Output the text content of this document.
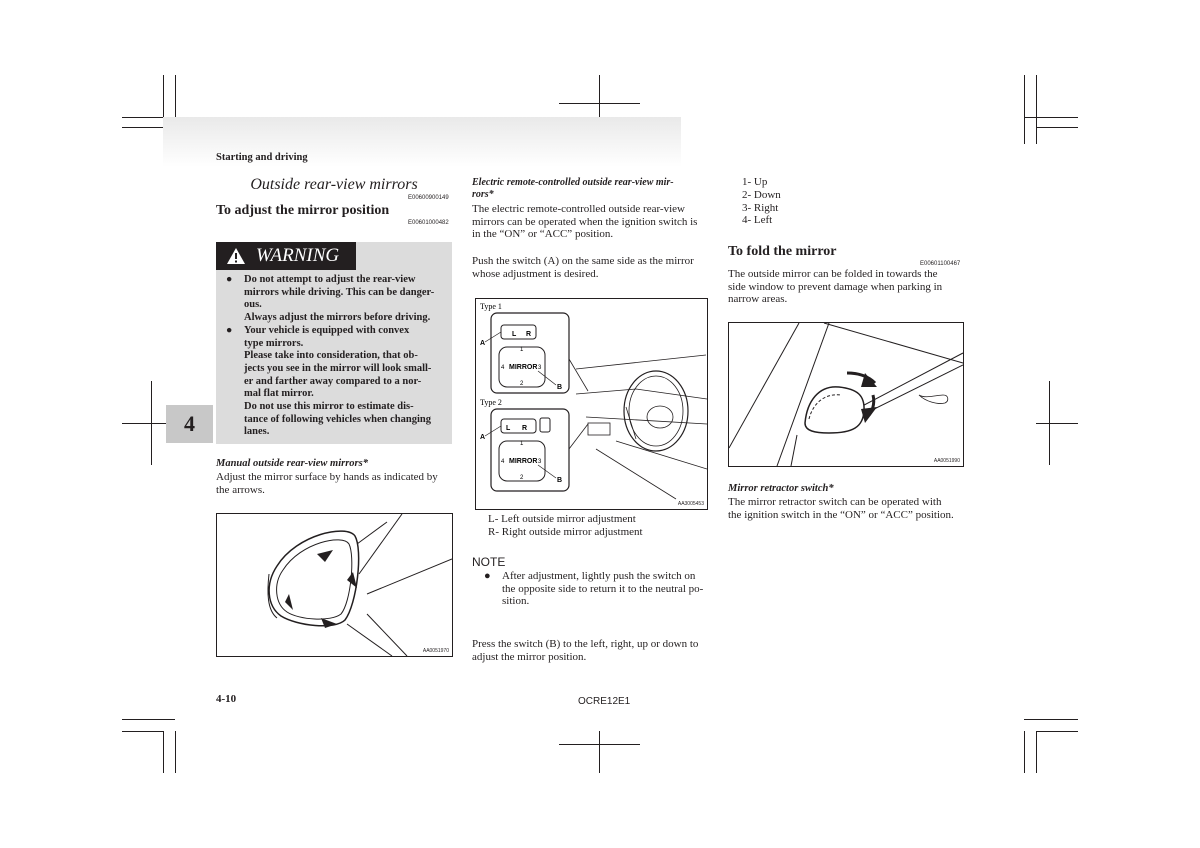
Starting and driving
4
Outside rear-view mirrors
E00600900149
To adjust the mirror position
E00601000482
WARNING
●	Do not attempt to adjust the rear-view
mirrors while driving. This can be danger-
ous.
Always adjust the mirrors before driving.
●	Your vehicle is equipped with convex
type mirrors.
Please take into consideration, that ob-
jects you see in the mirror will look small-
er and farther away compared to a nor-
mal flat mirror.
Do not use this mirror to estimate dis-
tance of following vehicles when changing
lanes.
Manual outside rear-view mirrors*
Adjust the mirror surface by hands as indicated by
the arrows.
AA0051970
Electric remote-controlled outside rear-view mir-
rors*
The electric remote-controlled outside rear-view
mirrors can be operated when the ignition switch is
in the “ON” or “ACC” position.
Push the switch (A) on the same side as the mirror
whose adjustment is desired.
L R
MIRROR
1
2
4	3
A
B
Type 1
L R
MIRROR
1
2
4	3
A
B
Type 2
AA3005453
L- Left outside mirror adjustment
R- Right outside mirror adjustment
NOTE
●	After adjustment, lightly push the switch on
the opposite side to return it to the neutral po-
sition.
Press the switch (B) to the left, right, up or down to
adjust the mirror position.
1- Up
2- Down
3- Right
4- Left
To fold the mirror
E00601100467
The outside mirror can be folded in towards the
side window to prevent damage when parking in
narrow areas.
AA0051990
Mirror retractor switch*
The mirror retractor switch can be operated with
the ignition switch in the “ON” or “ACC” position.
4-10	OCRE12E1
